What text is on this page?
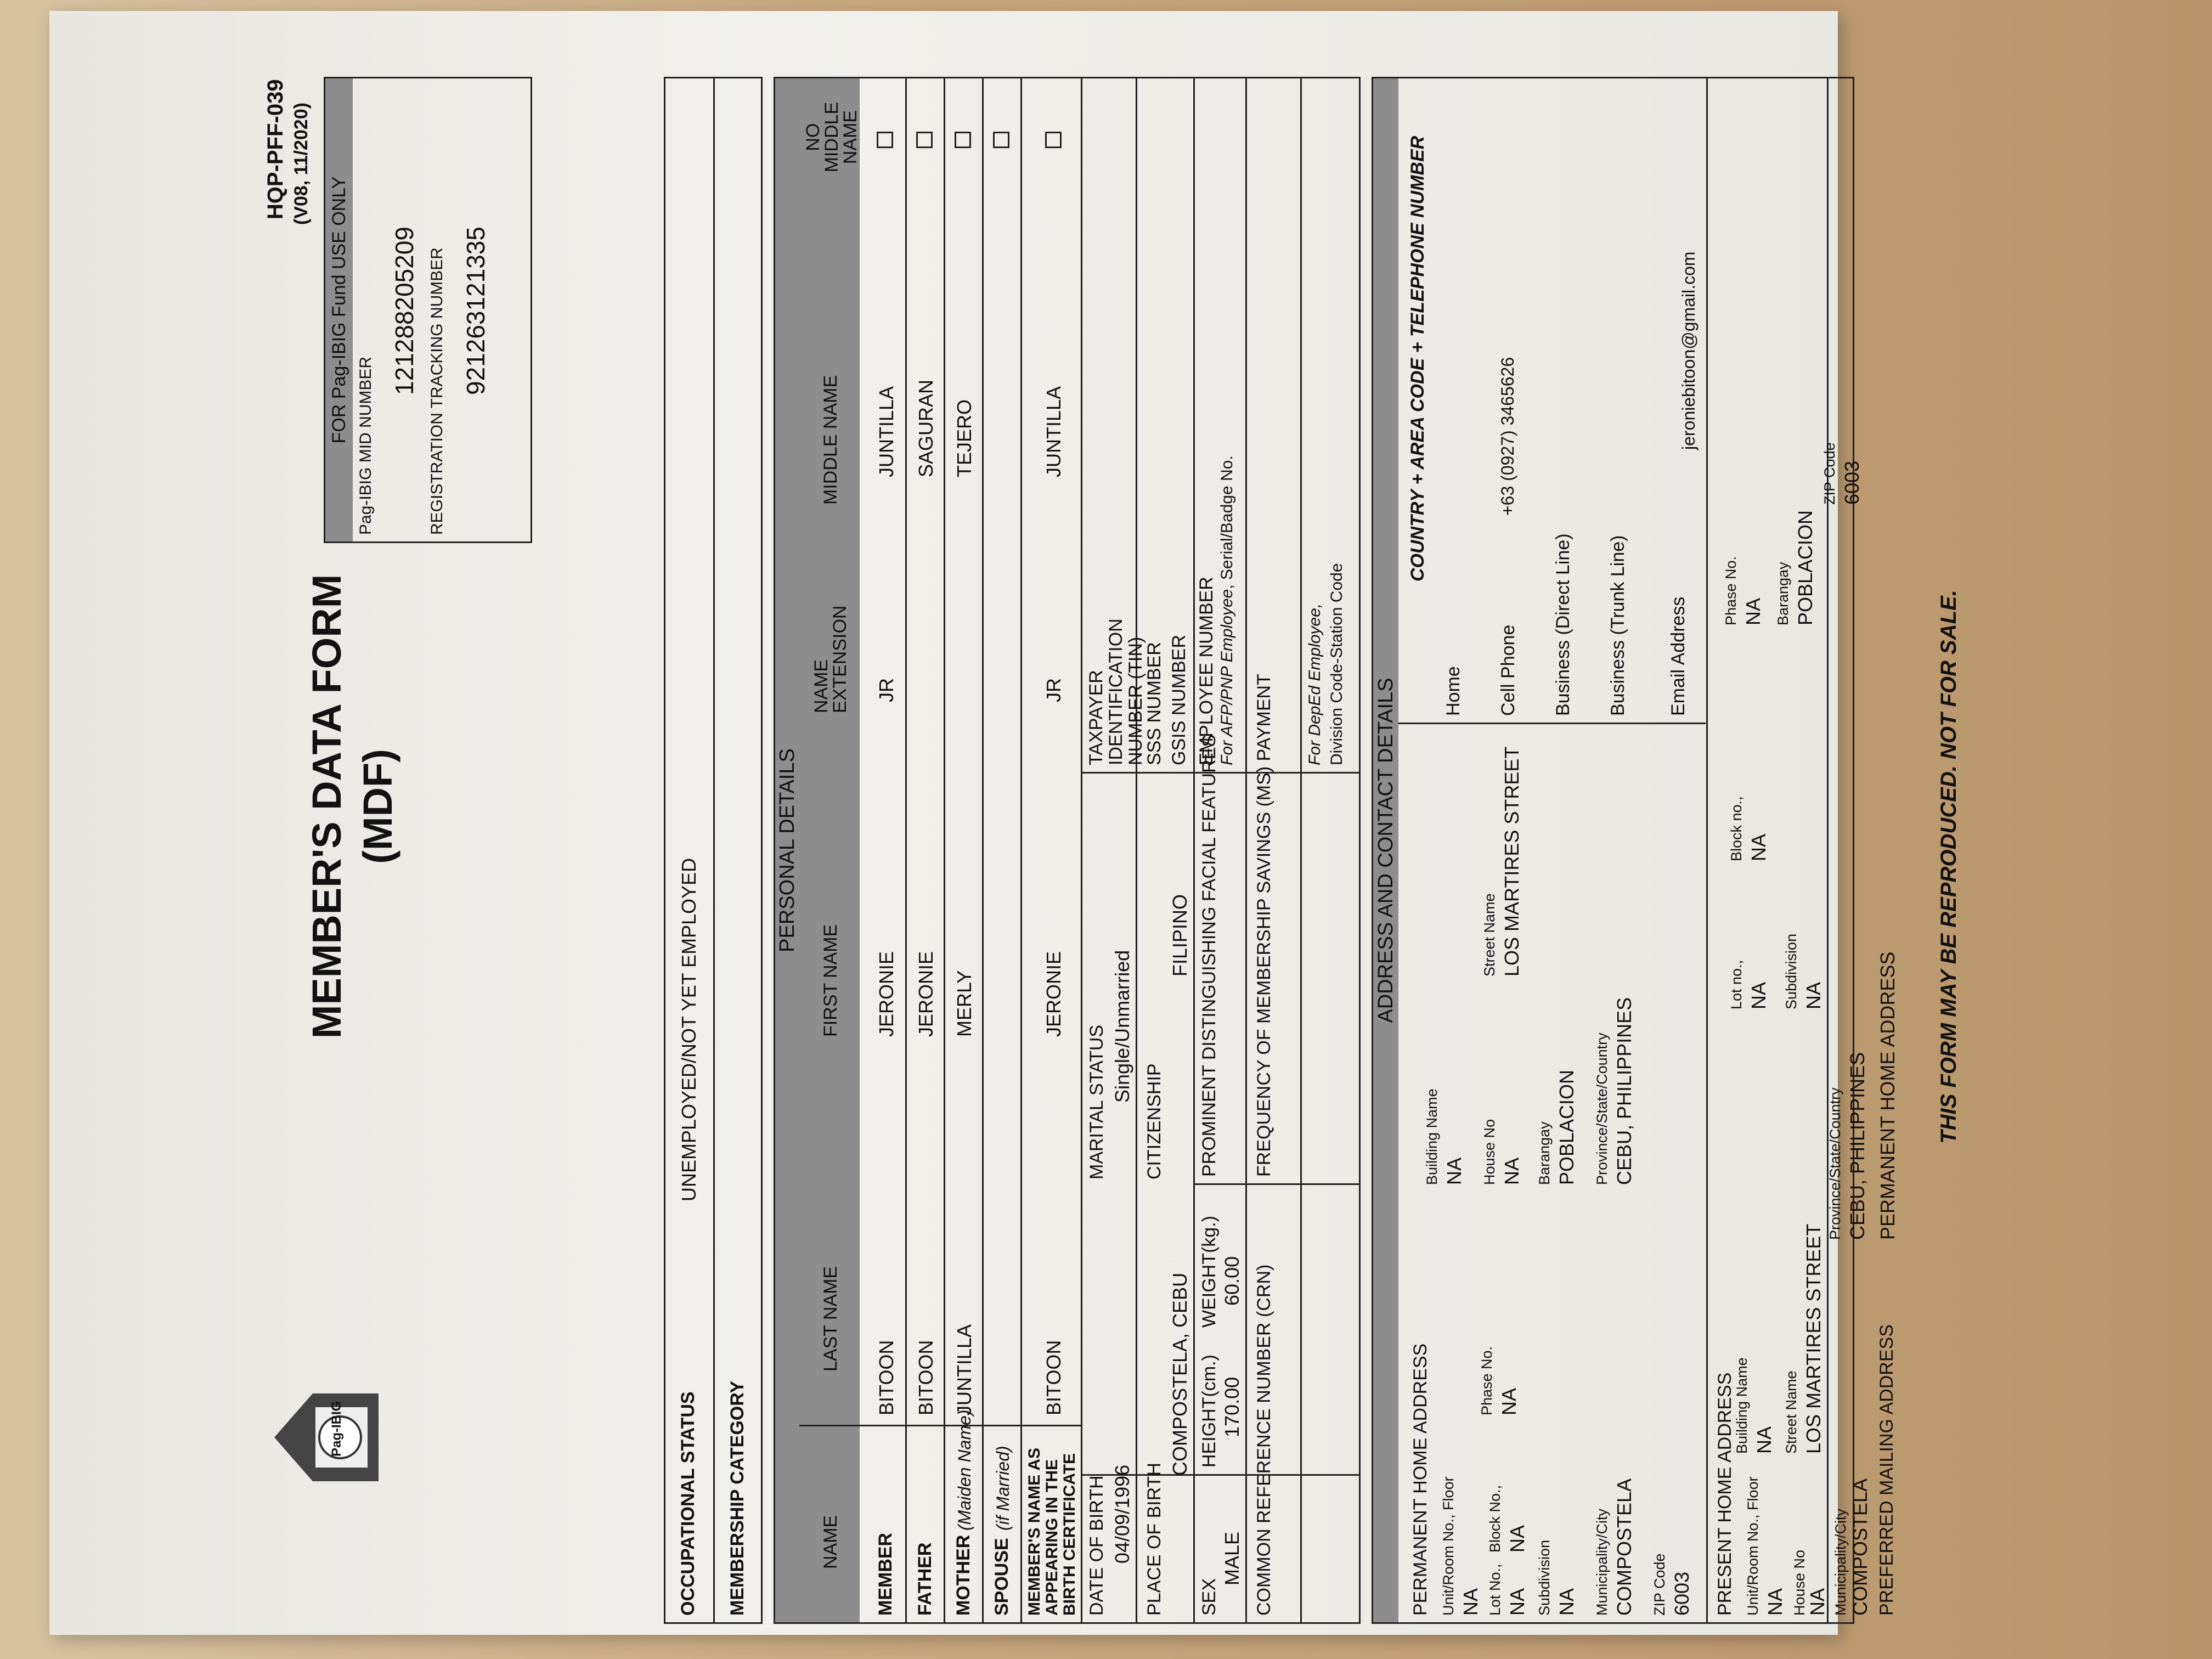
Pag-IBIG
MEMBER'S DATA FORM (MDF)
HQP-PFF-039 (V08, 11/2020)
FOR Pag-IBIG Fund USE ONLY
Pag-IBIG MID NUMBER
121288205209 REGISTRATION TRACKING NUMBER 921263121335
OCCUPATIONAL STATUS
UNEMPLOYED/NOT YET EMPLOYED
MEMBERSHIP CATEGORY
PERSONAL DETAILS
NAME
LAST NAME
FIRST NAME
NAME EXTENSION
MIDDLE NAME
NO MIDDLE NAME
MEMBER
BITOON
JERONIE
JR
JUNTILLA
FATHER
BITOON
JERONIE
SAGURAN
MOTHER
(Maiden Name)
JUNTILLA
MERLY
TEJERO
SPOUSE
(if Married) MEMBER'S NAME AS APPEARING IN THE BIRTH CERTIFICATE
BITOON
JERONIE
JR
JUNTILLA
DATE OF BIRTH 04/09/1996
MARITAL STATUS Single/Unmarried
PLACE OF BIRTH
COMPOSTELA, CEBU
CITIZENSHIP
FILIPINO
SEX
MALE
HEIGHT(cm.) 170.00
WEIGHT(kg.) 60.00
PROMINENT DISTINGUISHING FACIAL FEATURES
COMMON REFERENCE NUMBER (CRN)
FREQUENCY OF MEMBERSHIP SAVINGS (MS) PAYMENT
TAXPAYER IDENTIFICATION NUMBER (TIN)
SSS NUMBER GSIS NUMBER EMPLOYEE NUMBER For AFP/PNP Employee, Serial/Badge No.
For DepEd Employee, Division Code-Station Code
ADDRESS AND CONTACT DETAILS
PERMANENT HOME ADDRESS Unit/Room No., Floor NA
Building Name NA
Lot No., NA
Block No., NA
Phase No. NA
House No NA
Street Name LOS MARTIRES STREET
Subdivision NA
Barangay POBLACION
Municipality/City COMPOSTELA
Province/State/Country CEBU, PHILIPPINES
ZIP Code 6003
COUNTRY + AREA CODE + TELEPHONE NUMBER
Home Cell Phone
+63 (0927) 3465626
Business (Direct Line) Business (Trunk Line) Email Address
jeroniebitoon@gmail.com
PRESENT HOME ADDRESS Unit/Room No., Floor NA
Building Name NA
Lot no., NA
Block no., NA
Phase No. NA
House No
NA
Street Name LOS MARTIRES STREET
Subdivision NA
Barangay POBLACION
Municipality/City COMPOSTELA
Province/State/Country CEBU, PHILIPPINES
ZIP Code 6003
PREFERRED MAILING ADDRESS
PERMANENT HOME ADDRESS THIS FORM MAY BE REPRODUCED. NOT FOR SALE.
